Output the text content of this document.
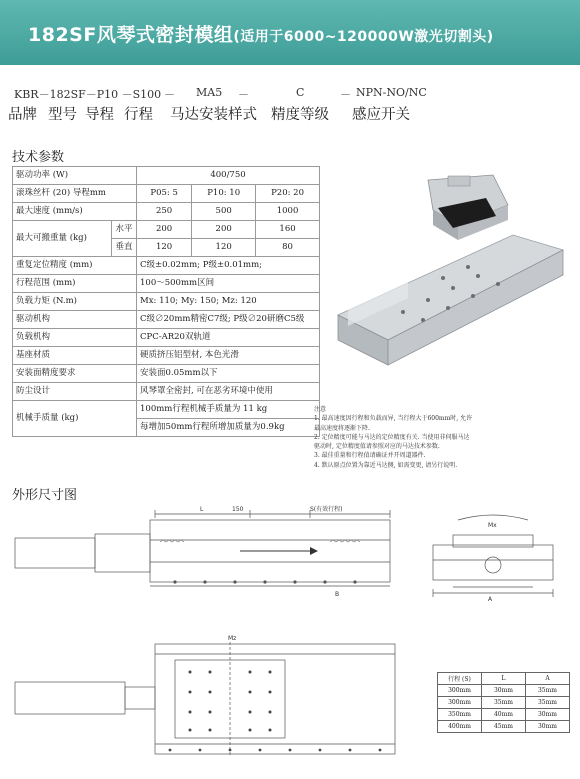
182SF风琴式密封模组(适用于6000~120000W激光切割头)
KBR－182SF－P10 －S100 － MA5 －	C	－ NPN-NO/NC
品牌 型号 导程 行程 马达安装样式 精度等级 感应开关
技术参数
驱动功率 (W)		400/750		
滚珠丝杆 (20) 导程mm		P05: 5	P10: 10	P20: 20
最大速度 (mm/s)		250	500	1000
最大可搬重量 (kg)	水平	200	200	160
	垂直	120	120	80
重复定位精度 (mm)		C级±0.02mm; P级±0.01mm;		
行程范围 (mm)		100～500mm区间		
负载力矩 (N.m)		Mx: 110; My: 150; Mz: 120		
驱动机构		C级∅20mm精密C7级; P级∅20研磨C5级		
负载机构		CPC-AR20双轨道		
基座材质		硬质挤压铝型材, 本色光滑		
安装面精度要求		安装面0.05mm以下		
防尘设计		风琴罩全密封, 可在恶劣环境中使用		
机械手质量 (kg)		100mm行程机械手质量为 11 kg		
		每增加50mm行程所增加质量为0.9kg		
注意
1. 最高速度因行程和负载而异, 当行程大于600mm时, 允许
最高速度将逐渐下降.
2. 定位精度可能与马达的定位精度有关. 当使用非伺服马达
驱动时, 定位精度值请参照对应的马达技术参数.
3. 最佳重量和行程值请确证并开周道器件.
4. 默认原点位置为靠近马达侧, 如需变更, 请另行说明.
外形尺寸图
L	150	S(有效行程)
B
Mx
A
Mz
行程 (S)	L	A
300mm	30mm	35mm
300mm	35mm	35mm
350mm	40mm	30mm
400mm	45mm	30mm
